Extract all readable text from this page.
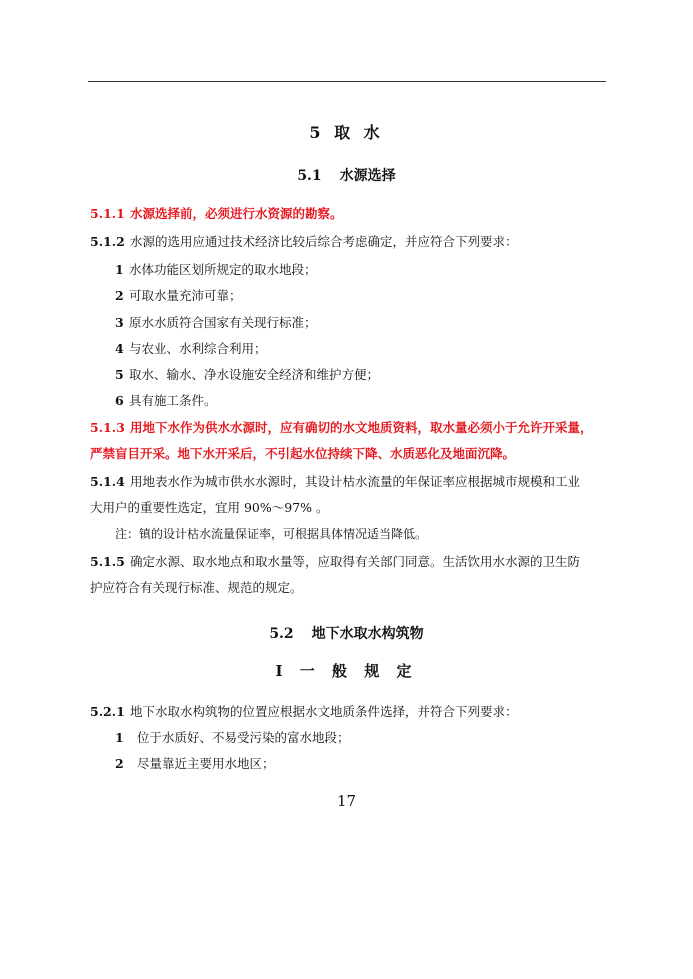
5 取 水
5.1 水源选择
5.1.1 水源选择前，必须进行水资源的勘察。
5.1.2 水源的选用应通过技术经济比较后综合考虑确定，并应符合下列要求：
1 水体功能区划所规定的取水地段；
2 可取水量充沛可靠；
3 原水水质符合国家有关现行标准；
4 与农业、水利综合利用；
5 取水、输水、净水设施安全经济和维护方便；
6 具有施工条件。
5.1.3 用地下水作为供水水源时，应有确切的水文地质资料，取水量必须小于允许开采量，
严禁盲目开采。地下水开采后，不引起水位持续下降、水质恶化及地面沉降。
5.1.4 用地表水作为城市供水水源时，其设计枯水流量的年保证率应根据城市规模和工业
大用户的重要性选定，宜用 90%～97% 。
注：镇的设计枯水流量保证率，可根据具体情况适当降低。
5.1.5 确定水源、取水地点和取水量等，应取得有关部门同意。生活饮用水水源的卫生防
护应符合有关现行标准、规范的规定。
5.2 地下水取水构筑物
Ⅰ 一 般 规 定
5.2.1 地下水取水构筑物的位置应根据水文地质条件选择，并符合下列要求：
1 位于水质好、不易受污染的富水地段；
2 尽量靠近主要用水地区；
17
